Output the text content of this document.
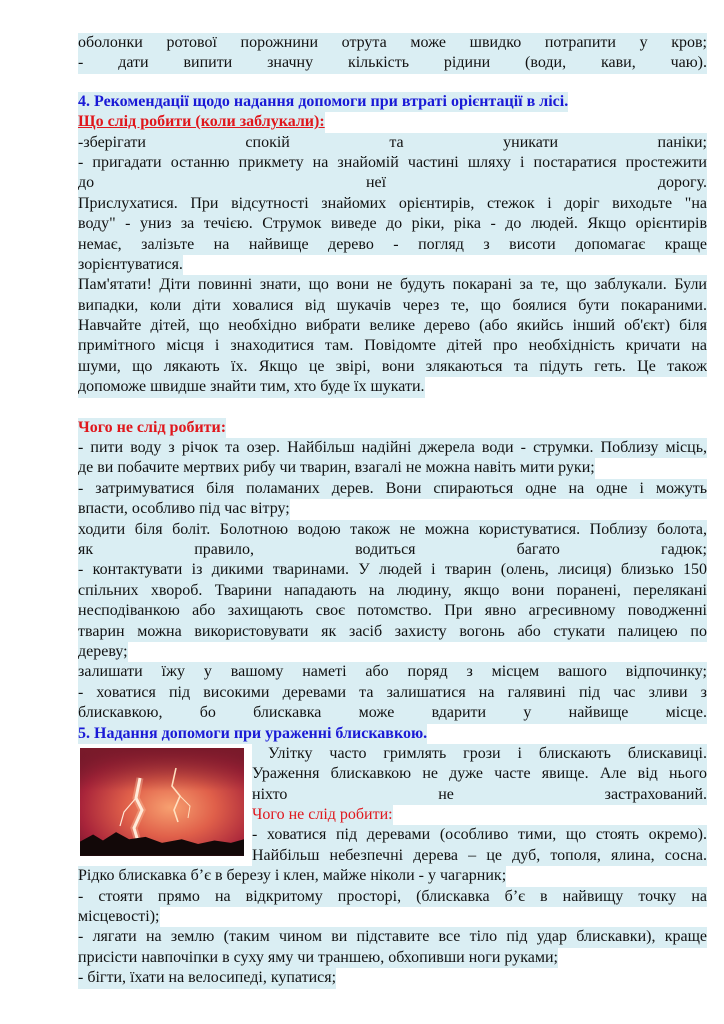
оболонки ротової порожнини отрута може швидко потрапити у кров;
- дати випити значну кількість рідини (води, кави, чаю).
4. Рекомендації щодо надання допомоги при втраті орієнтації в лісі.
Що слід робити (коли заблукали):
-зберігати спокій та уникати паніки;
- пригадати останню прикмету на знайомій частині шляху і постаратися простежити
до неї дорогу.
Прислухатися. При відсутності знайомих орієнтирів, стежок і доріг виходьте "на
воду" - униз за течією. Струмок виведе до ріки, ріка - до людей. Якщо орієнтирів
немає, залізьте на найвище дерево - погляд з висоти допомагає краще
зорієнтуватися.
Пам'ятати! Діти повинні знати, що вони не будуть покарані за те, що заблукали. Були
випадки, коли діти ховалися від шукачів через те, що боялися бути покараними.
Навчайте дітей, що необхідно вибрати велике дерево (або якийсь інший об'єкт) біля
примітного місця і знаходитися там. Повідомте дітей про необхідність кричати на
шуми, що лякають їх. Якщо це звірі, вони злякаються та підуть геть. Це також
допоможе швидше знайти тим, хто буде їх шукати.
Чого не слід робити:
- пити воду з річок та озер. Найбільш надійні джерела води - струмки. Поблизу місць,
де ви побачите мертвих рибу чи тварин, взагалі не можна навіть мити руки;
- затримуватися біля поламаних дерев. Вони спираються одне на одне і можуть
впасти, особливо під час вітру;
ходити біля боліт. Болотною водою також не можна користуватися. Поблизу болота,
як правило, водиться багато гадюк;
- контактувати із дикими тваринами. У людей і тварин (олень, лисиця) близько 150
спільних хвороб. Тварини нападають на людину, якщо вони поранені, перелякані
несподіванкою або захищають своє потомство. При явно агресивному поводженні
тварин можна використовувати як засіб захисту вогонь або стукати палицею по
дереву;
залишати їжу у вашому наметі або поряд з місцем вашого відпочинку;
- ховатися під високими деревами та залишатися на галявині під час зливи з
блискавкою, бо блискавка може вдарити у найвище місце.
5. Надання допомоги при ураженні блискавкою.
Улітку часто гримлять грози і блискають блискавиці.
Ураження блискавкою не дуже часте явище. Але від нього
ніхто не застрахований.
Чого не слід робити:
- ховатися під деревами (особливо тими, що стоять окремо).
Найбільш небезпечні дерева – це дуб, тополя, ялина, сосна.
Рідко блискавка б’є в березу і клен, майже ніколи - у чагарник;
- стояти прямо на відкритому просторі, (блискавка б’є в найвищу точку на
місцевості);
- лягати на землю (таким чином ви підставите все тіло під удар блискавки), краще
присісти навпочіпки в суху яму чи траншею, обхопивши ноги руками;
- бігти, їхати на велосипеді, купатися;
